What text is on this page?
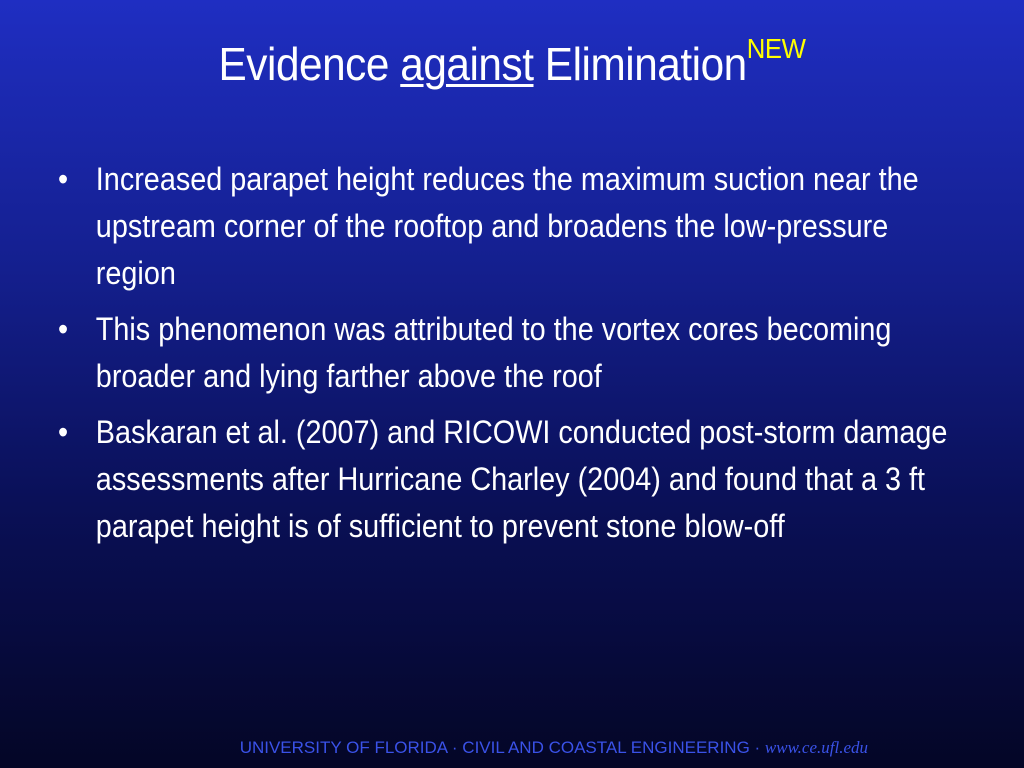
Evidence against Elimination$^{NEW}$
• Increased parapet height reduces the maximum suction near the upstream corner of the rooftop and broadens the low-pressure region
• This phenomenon was attributed to the vortex cores becoming broader and lying farther above the roof
• Baskaran et al. (2007) and RICOWI conducted post-storm damage assessments after Hurricane Charley (2004) and found that a 3 ft parapet height is of sufficient to prevent stone blow-off
UNIVERSITY OF FLORIDA · CIVIL AND COASTAL ENGINEERING · www.ce.ufl.edu
